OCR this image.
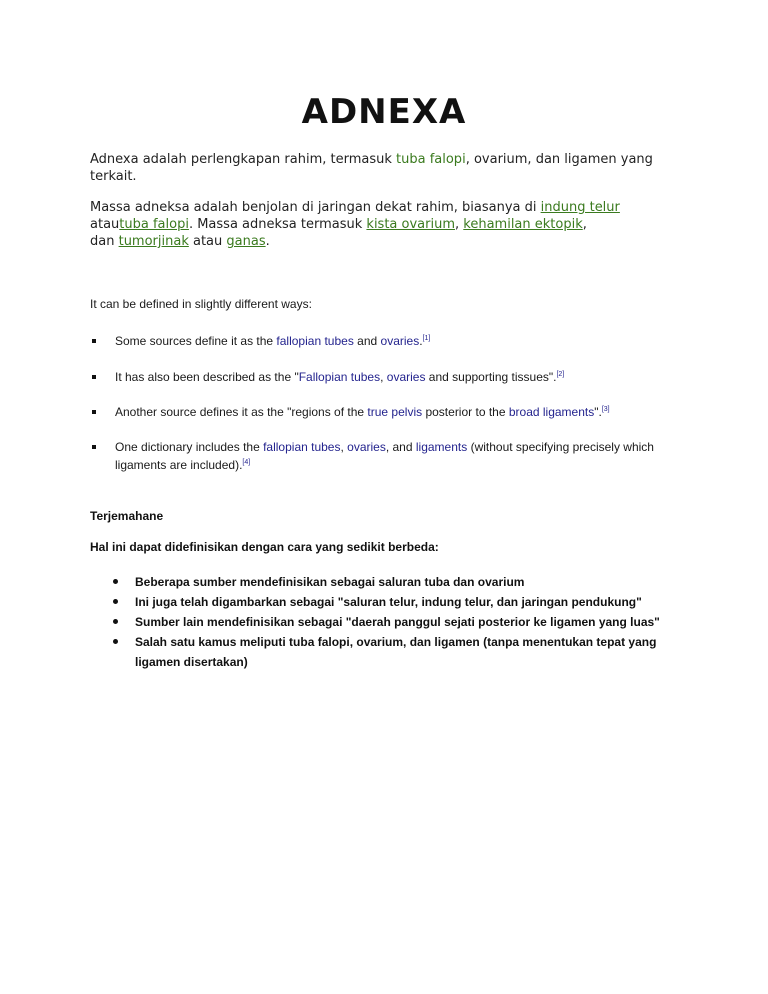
ADNEXA
Adnexa adalah perlengkapan rahim, termasuk tuba falopi, ovarium, dan ligamen yang terkait.
Massa adneksa adalah benjolan di jaringan dekat rahim, biasanya di indung telur atautuba falopi. Massa adneksa termasuk kista ovarium, kehamilan ektopik,
dan tumorjinak atau ganas.
It can be defined in slightly different ways:
Some sources define it as the fallopian tubes and ovaries.[1]
It has also been described as the "Fallopian tubes, ovaries and supporting tissues".[2]
Another source defines it as the "regions of the true pelvis posterior to the broad ligaments".[3]
One dictionary includes the fallopian tubes, ovaries, and ligaments (without specifying precisely which ligaments are included).[4]
Terjemahane
Hal ini dapat didefinisikan dengan cara yang sedikit berbeda:
Beberapa sumber mendefinisikan sebagai saluran tuba dan ovarium
Ini juga telah digambarkan sebagai "saluran telur, indung telur, dan jaringan pendukung"
Sumber lain mendefinisikan sebagai "daerah panggul sejati posterior ke ligamen yang luas"
Salah satu kamus meliputi tuba falopi, ovarium, dan ligamen (tanpa menentukan tepat yang ligamen disertakan)
